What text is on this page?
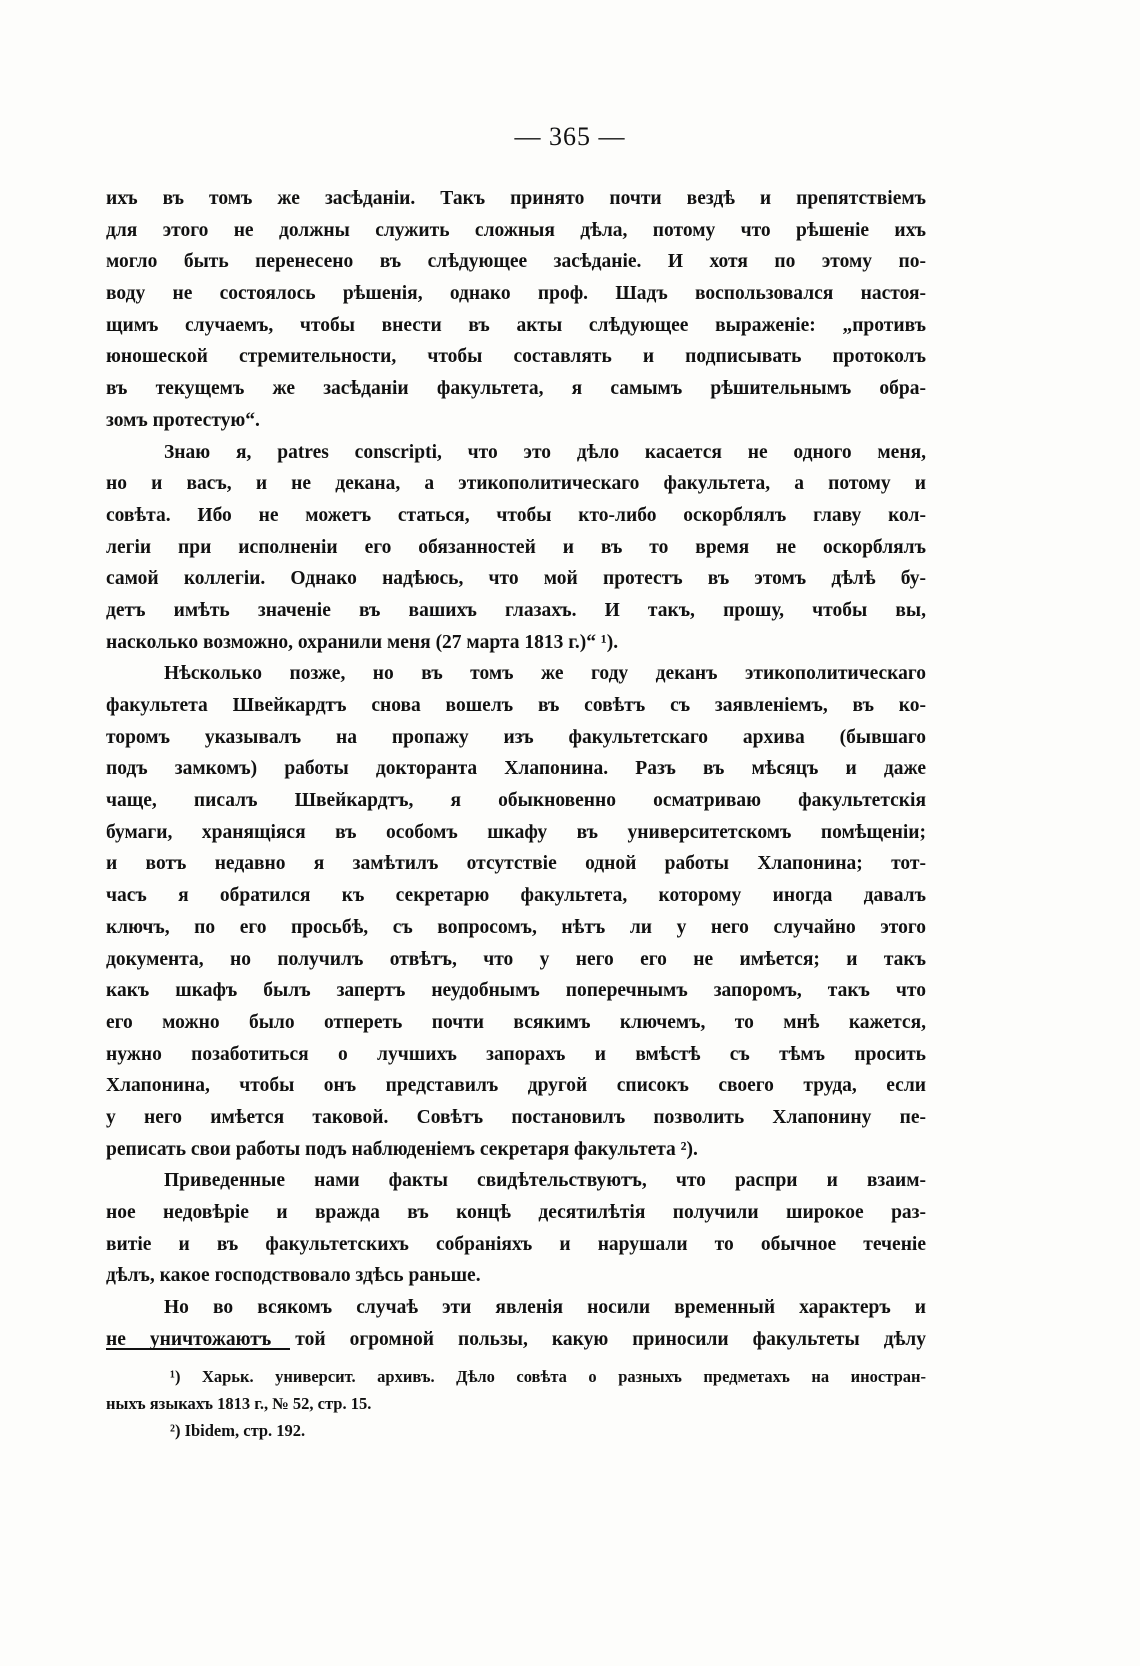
— 365 —

ихъ въ томъ же засѣданіи. Такъ принято почти вездѣ и препятствіемъ
для этого не должны служить сложныя дѣла, потому что рѣшеніе ихъ
могло быть перенесено въ слѣдующее засѣданіе. И хотя по этому по-
воду не состоялось рѣшенія, однако проф. Шадъ воспользовался настоя-
щимъ случаемъ, чтобы внести въ акты слѣдующее выраженіе: „противъ
юношеской стремительности, чтобы составлять и подписывать протоколъ
въ текущемъ же засѣданіи факультета, я самымъ рѣшительнымъ обра-
зомъ протестую“.

Знаю я, patres conscripti, что это дѣло касается не одного меня,
но и васъ, и не декана, а этикополитическаго факультета, а потому и
совѣта. Ибо не можетъ статься, чтобы кто-либо оскорблялъ главу кол-
легіи при исполненіи его обязанностей и въ то время не оскорблялъ
самой коллегіи. Однако надѣюсь, что мой протестъ въ этомъ дѣлѣ бу-
детъ имѣть значеніе въ вашихъ глазахъ. И такъ, прошу, чтобы вы,
насколько возможно, охранили меня (27 марта 1813 г.)“ ¹).

Нѣсколько позже, но въ томъ же году деканъ этикополитическаго
факультета Швейкардтъ снова вошелъ въ совѣтъ съ заявленіемъ, въ ко-
торомъ указывалъ на пропажу изъ факультетскаго архива (бывшаго
подъ замкомъ) работы докторанта Хлапонина. Разъ въ мѣсяцъ и даже
чаще, писалъ Швейкардтъ, я обыкновенно осматриваю факультетскія
бумаги, хранящіяся въ особомъ шкафу въ университетскомъ помѣщеніи;
и вотъ недавно я замѣтилъ отсутствіе одной работы Хлапонина; тот-
часъ я обратился къ секретарю факультета, которому иногда давалъ
ключъ, по его просьбѣ, съ вопросомъ, нѣтъ ли у него случайно этого
документа, но получилъ отвѣтъ, что у него его не имѣется; и такъ
какъ шкафъ былъ запертъ неудобнымъ поперечнымъ запоромъ, такъ что
его можно было отпереть почти всякимъ ключемъ, то мнѣ кажется,
нужно позаботиться о лучшихъ запорахъ и вмѣстѣ съ тѣмъ просить
Хлапонина, чтобы онъ представилъ другой списокъ своего труда, если
у него имѣется таковой. Совѣтъ постановилъ позволить Хлапонину пе-
реписать свои работы подъ наблюденіемъ секретаря факультета ²).

Приведенные нами факты свидѣтельствуютъ, что распри и взаим-
ное недовѣріе и вражда въ концѣ десятилѣтія получили широкое раз-
витіе и въ факультетскихъ собраніяхъ и нарушали то обычное теченіе
дѣлъ, какое господствовало здѣсь раньше.

Но во всякомъ случаѣ эти явленія носили временный характеръ и
не уничтожаютъ той огромной пользы, какую приносили факультеты дѣлу

¹) Харьк. университ. архивъ. Дѣло совѣта о разныхъ предметахъ на иностран-
ныхъ языкахъ 1813 г., № 52, стр. 15.

²) Ibidem, стр. 192.
